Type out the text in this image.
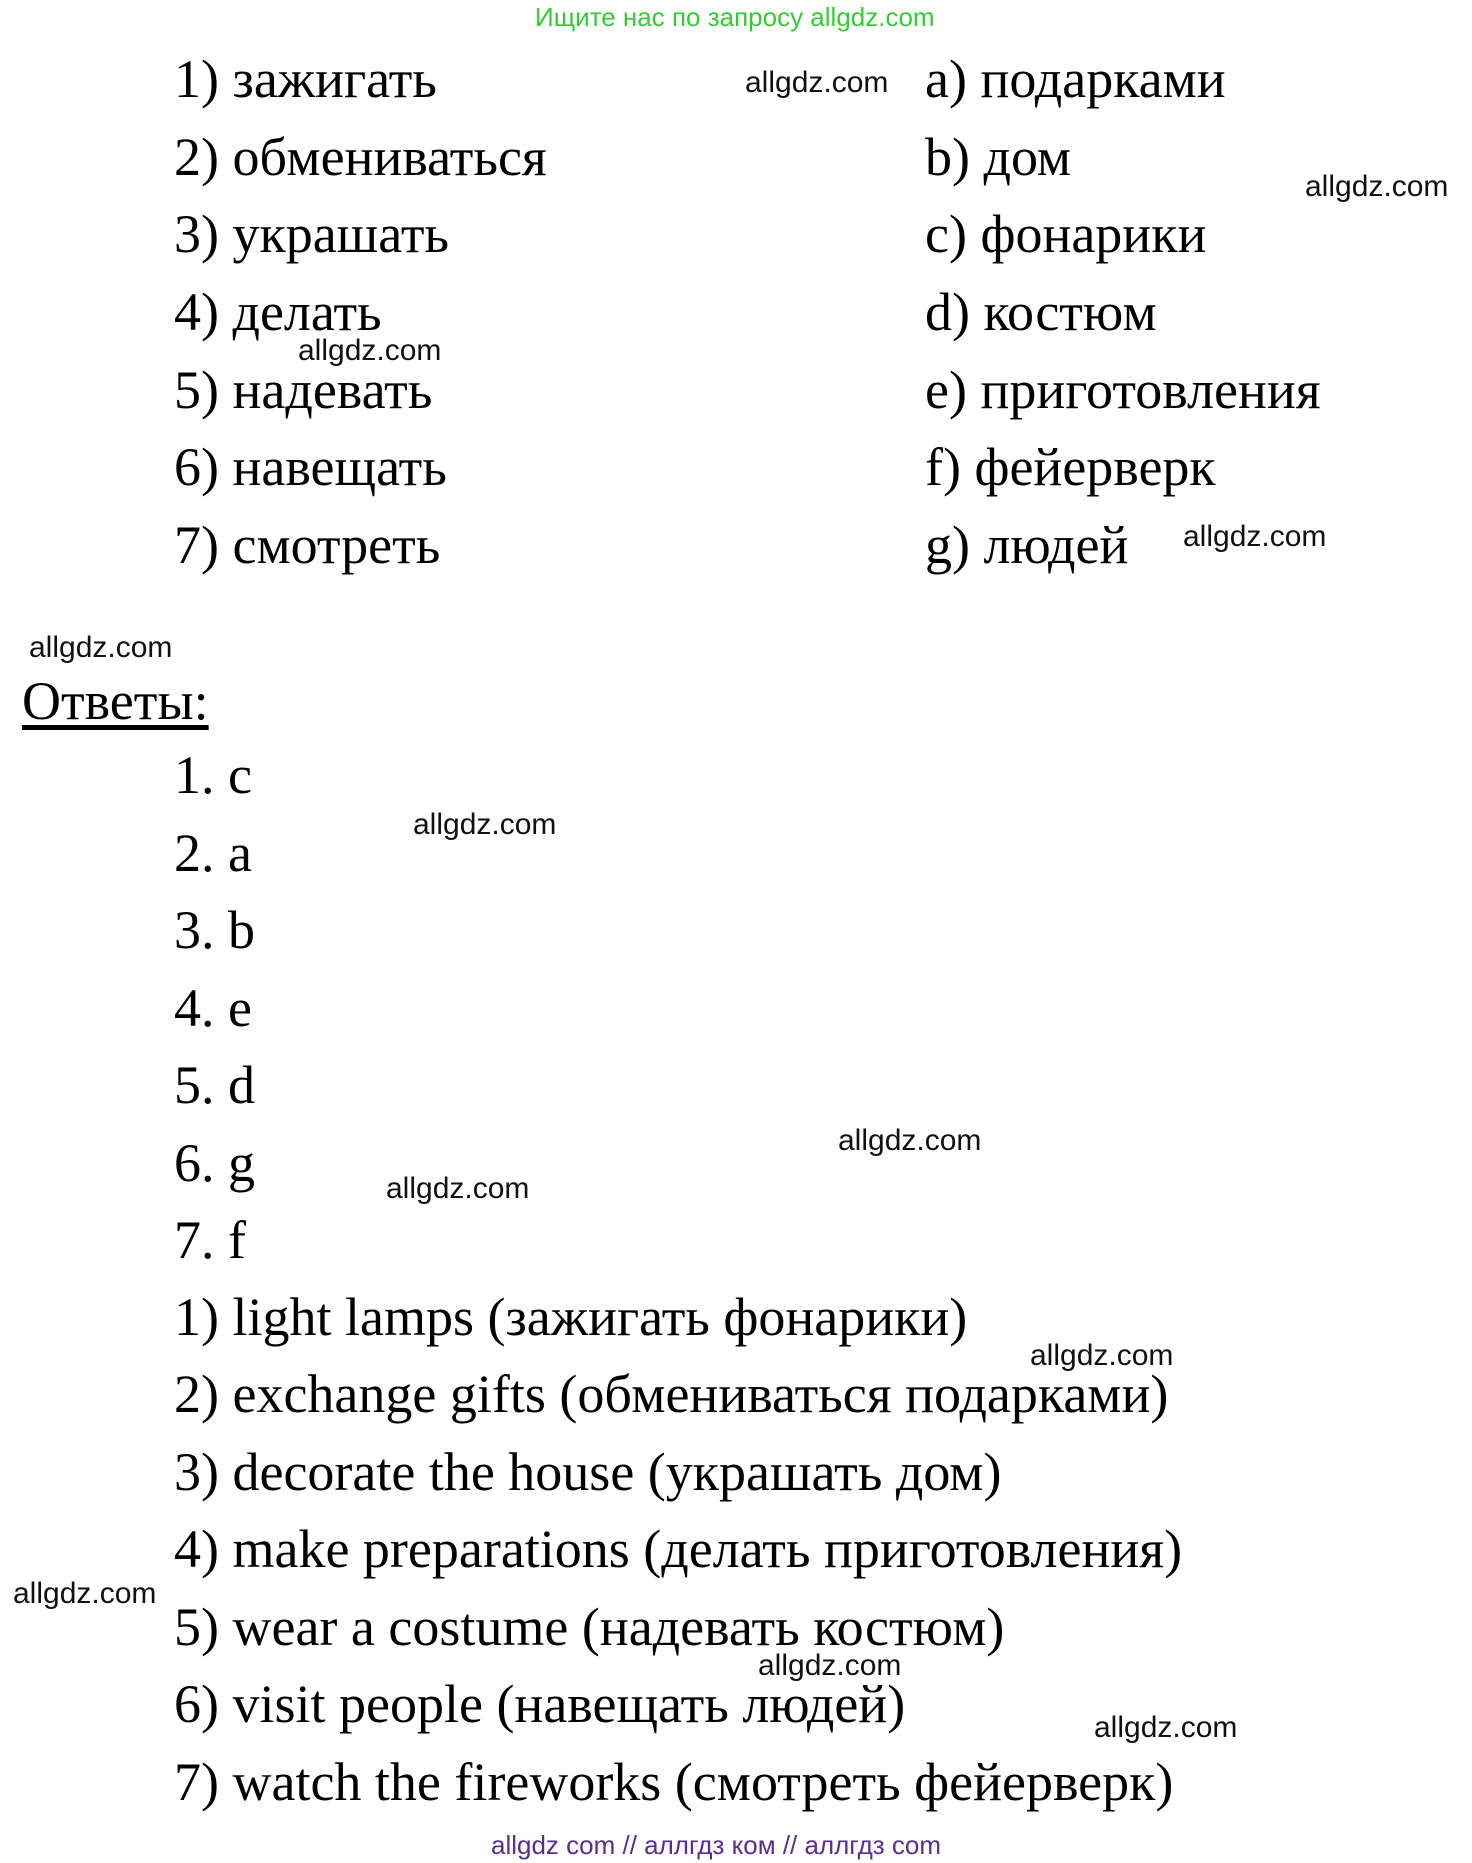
Ищите нас по запросу allgdz.com
1) зажигать
2) обмениваться
3) украшать
4) делать
5) надевать
6) навещать
7) смотреть
a) подарками
b) дом
c) фонарики
d) костюм
e) приготовления
f) фейерверк
g) людей
Ответы:
1. c
2. a
3. b
4. e
5. d
6. g
7. f
1) light lamps (зажигать фонарики)
2) exchange gifts (обмениваться подарками)
3) decorate the house (украшать дом)
4) make preparations (делать приготовления)
5) wear a costume (надевать костюм)
6) visit people (навещать людей)
7) watch the fireworks (смотреть фейерверк)
allgdz.com
allgdz.com
allgdz.com
allgdz.com
allgdz.com
allgdz.com
allgdz.com
allgdz.com
allgdz.com
allgdz.com
allgdz.com
allgdz.com
allgdz com // аллгдз ком // аллгдз com
